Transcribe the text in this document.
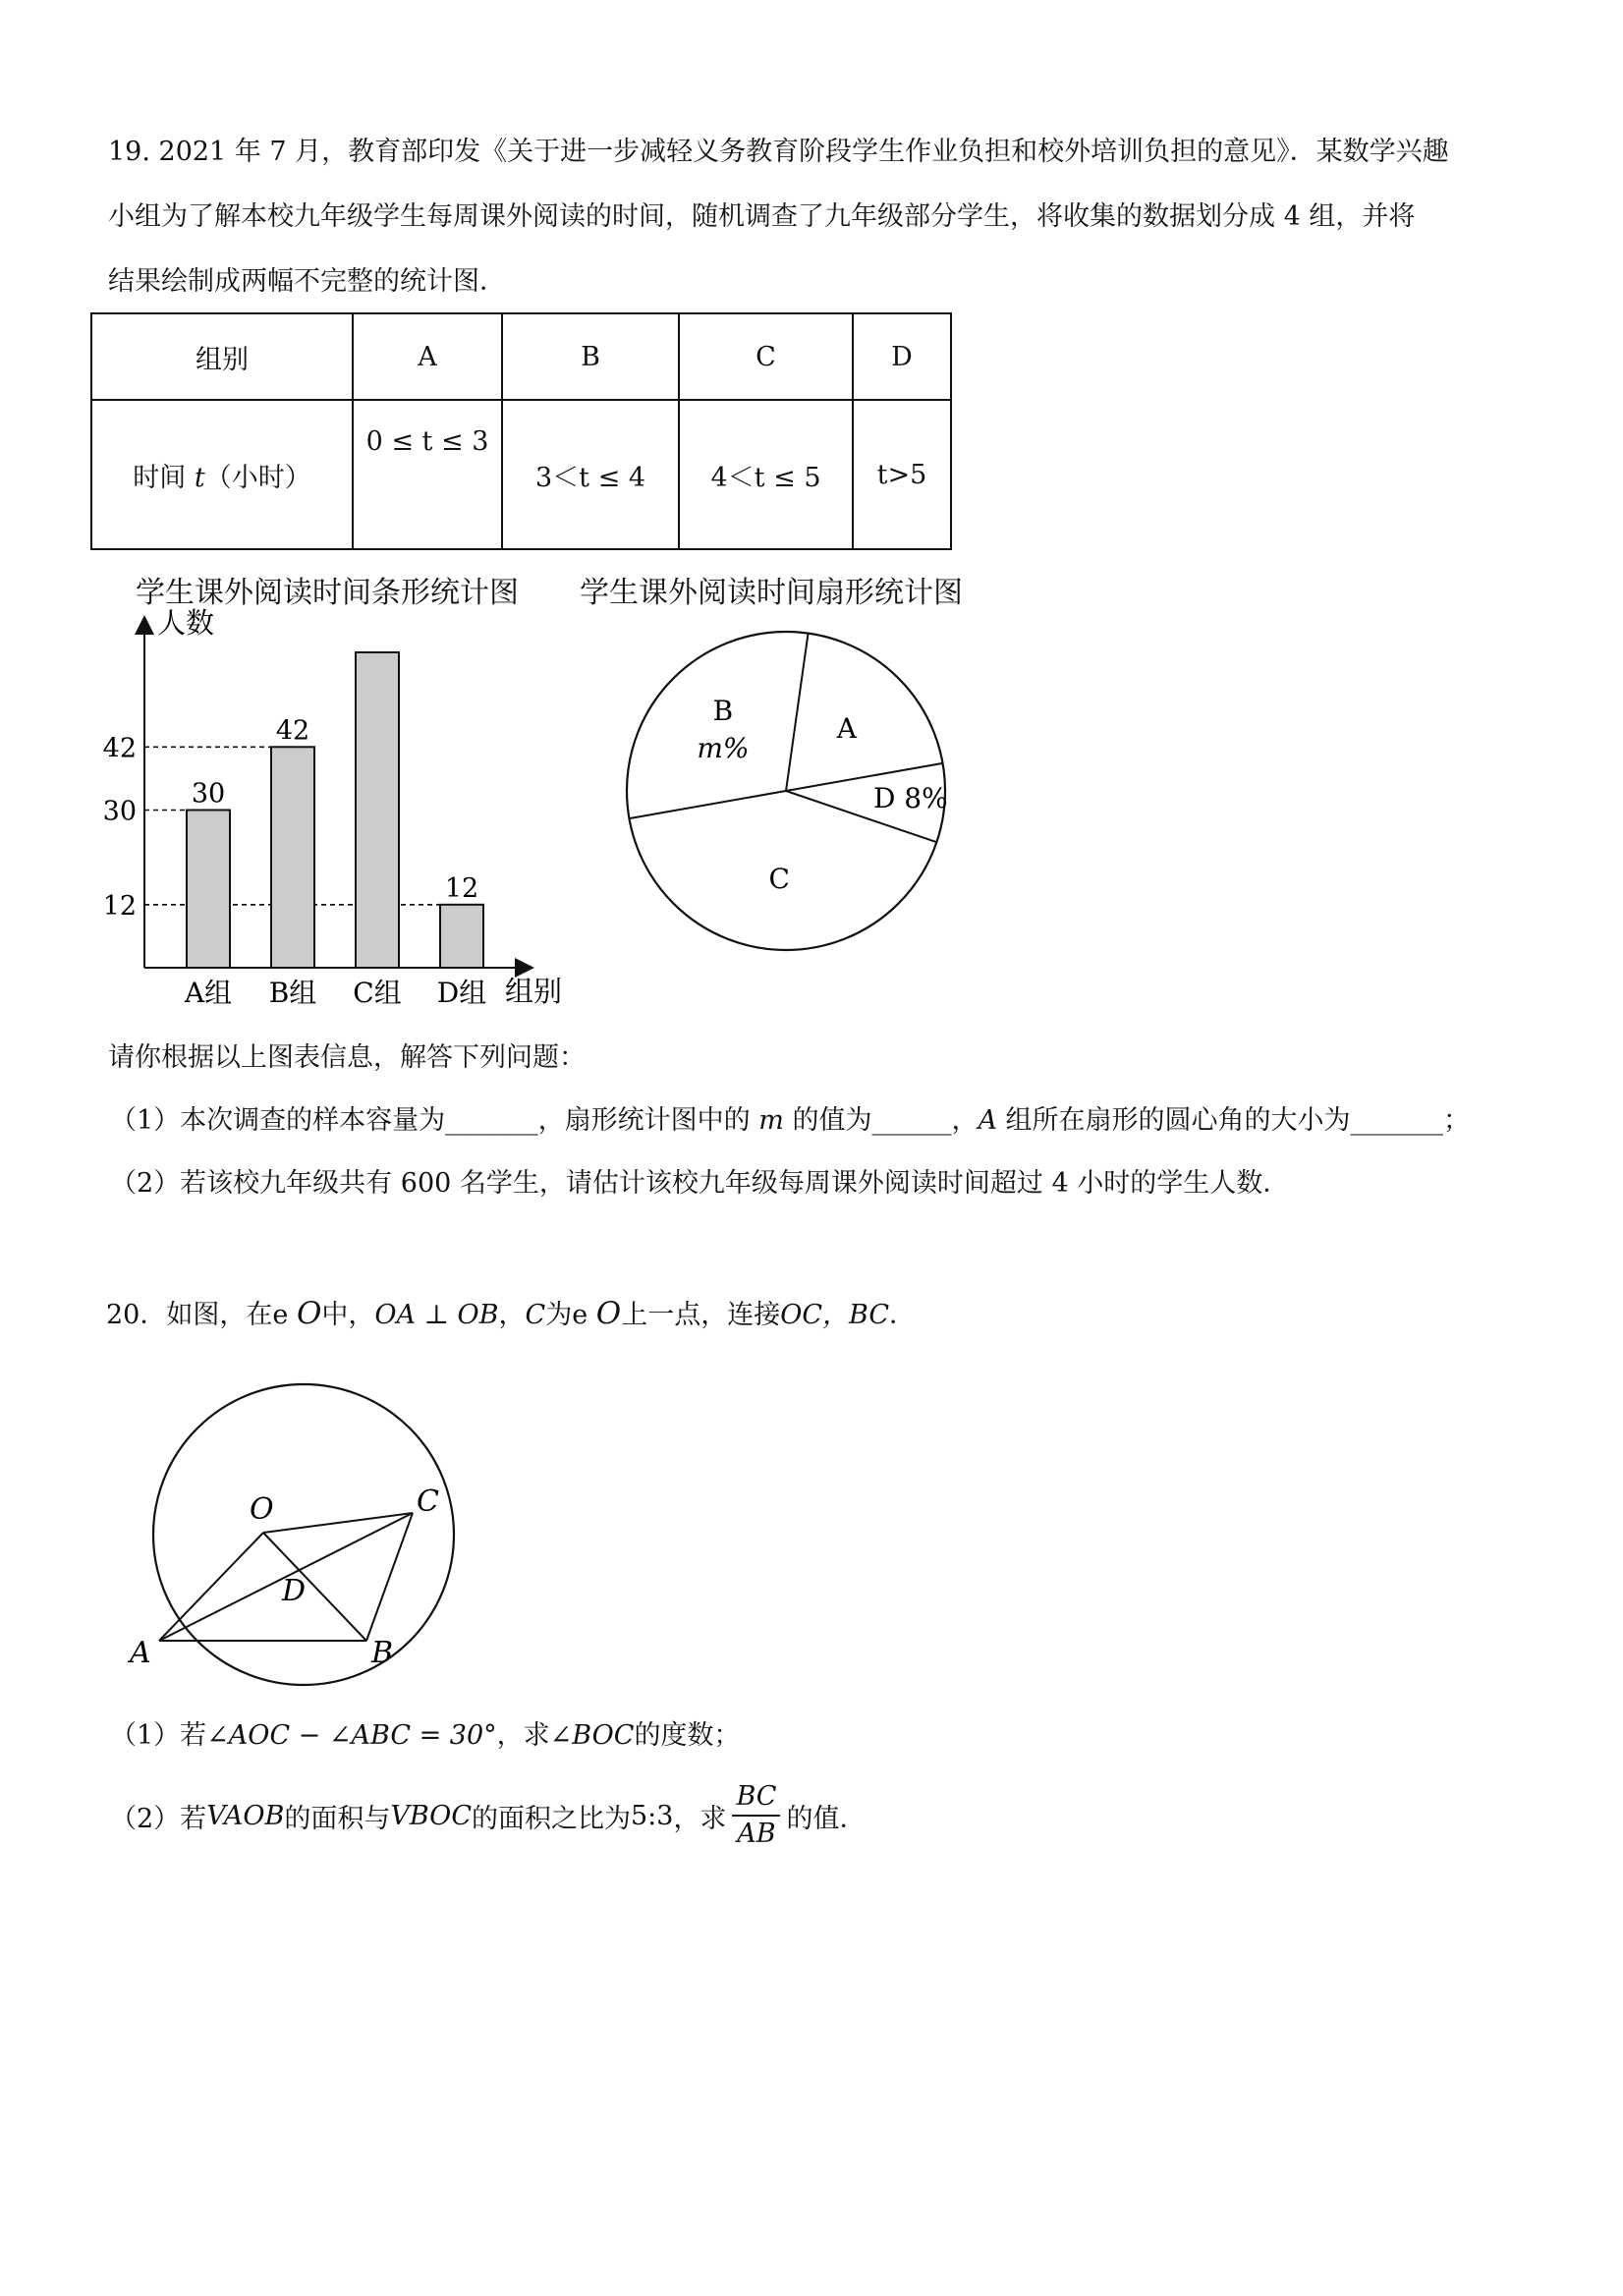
19. 2021 年 7 月，教育部印发《关于进一步减轻义务教育阶段学生作业负担和校外培训负担的意见》．某数学兴趣
小组为了解本校九年级学生每周课外阅读的时间，随机调查了九年级部分学生，将收集的数据划分成 4 组，并将
结果绘制成两幅不完整的统计图．
组别	A	B	C	D
时间 t（小时）	0 ≤ t ≤ 3	3＜t ≤ 4	4＜t ≤ 5	t>5
学生课外阅读时间条形统计图 学生课外阅读时间扇形统计图
人数
组别
12
30
42
30
A组
42
B组 C组
12
D组
A
D 8%
C
B
m%
请你根据以上图表信息，解答下列问题：
（1）本次调查的样本容量为_______，扇形统计图中的 m 的值为______，A 组所在扇形的圆心角的大小为_______；
（2）若该校九年级共有 600 名学生，请估计该校九年级每周课外阅读时间超过 4 小时的学生人数．
20．如图，在e O中，OA ⊥ OB，C为e O上一点，连接OC，BC．
O	C
D
A	B
（1）若∠AOC − ∠ABC = 30°，求∠BOC的度数；
（2）若 VAOB 的面积与 VBOC 的面积之比为 5:3 ，求
BC
AB 的值．
